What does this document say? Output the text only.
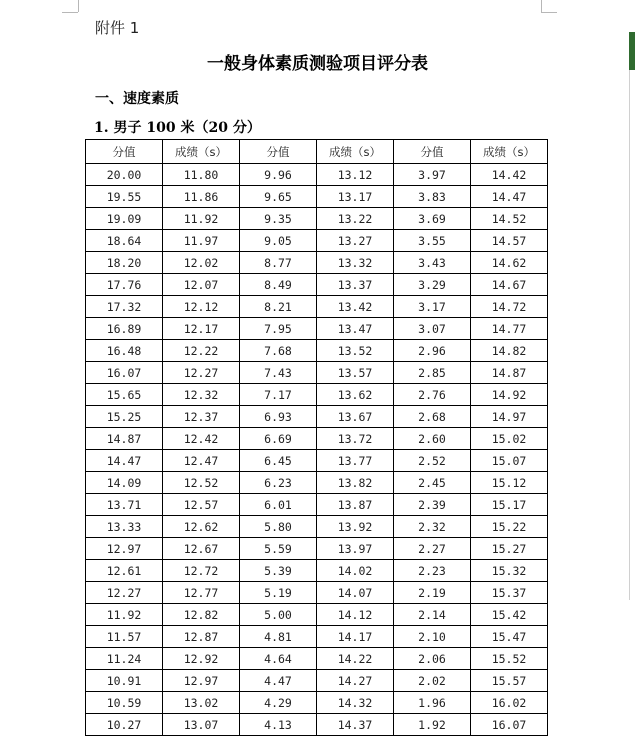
附件 1
一般身体素质测验项目评分表
一、速度素质
1. 男子 100 米（20 分）
分值	成绩（s）	分值	成绩（s）	分值	成绩（s）
20.00	11.80	9.96	13.12	3.97	14.42
19.55	11.86	9.65	13.17	3.83	14.47
19.09	11.92	9.35	13.22	3.69	14.52
18.64	11.97	9.05	13.27	3.55	14.57
18.20	12.02	8.77	13.32	3.43	14.62
17.76	12.07	8.49	13.37	3.29	14.67
17.32	12.12	8.21	13.42	3.17	14.72
16.89	12.17	7.95	13.47	3.07	14.77
16.48	12.22	7.68	13.52	2.96	14.82
16.07	12.27	7.43	13.57	2.85	14.87
15.65	12.32	7.17	13.62	2.76	14.92
15.25	12.37	6.93	13.67	2.68	14.97
14.87	12.42	6.69	13.72	2.60	15.02
14.47	12.47	6.45	13.77	2.52	15.07
14.09	12.52	6.23	13.82	2.45	15.12
13.71	12.57	6.01	13.87	2.39	15.17
13.33	12.62	5.80	13.92	2.32	15.22
12.97	12.67	5.59	13.97	2.27	15.27
12.61	12.72	5.39	14.02	2.23	15.32
12.27	12.77	5.19	14.07	2.19	15.37
11.92	12.82	5.00	14.12	2.14	15.42
11.57	12.87	4.81	14.17	2.10	15.47
11.24	12.92	4.64	14.22	2.06	15.52
10.91	12.97	4.47	14.27	2.02	15.57
10.59	13.02	4.29	14.32	1.96	16.02
10.27	13.07	4.13	14.37	1.92	16.07
